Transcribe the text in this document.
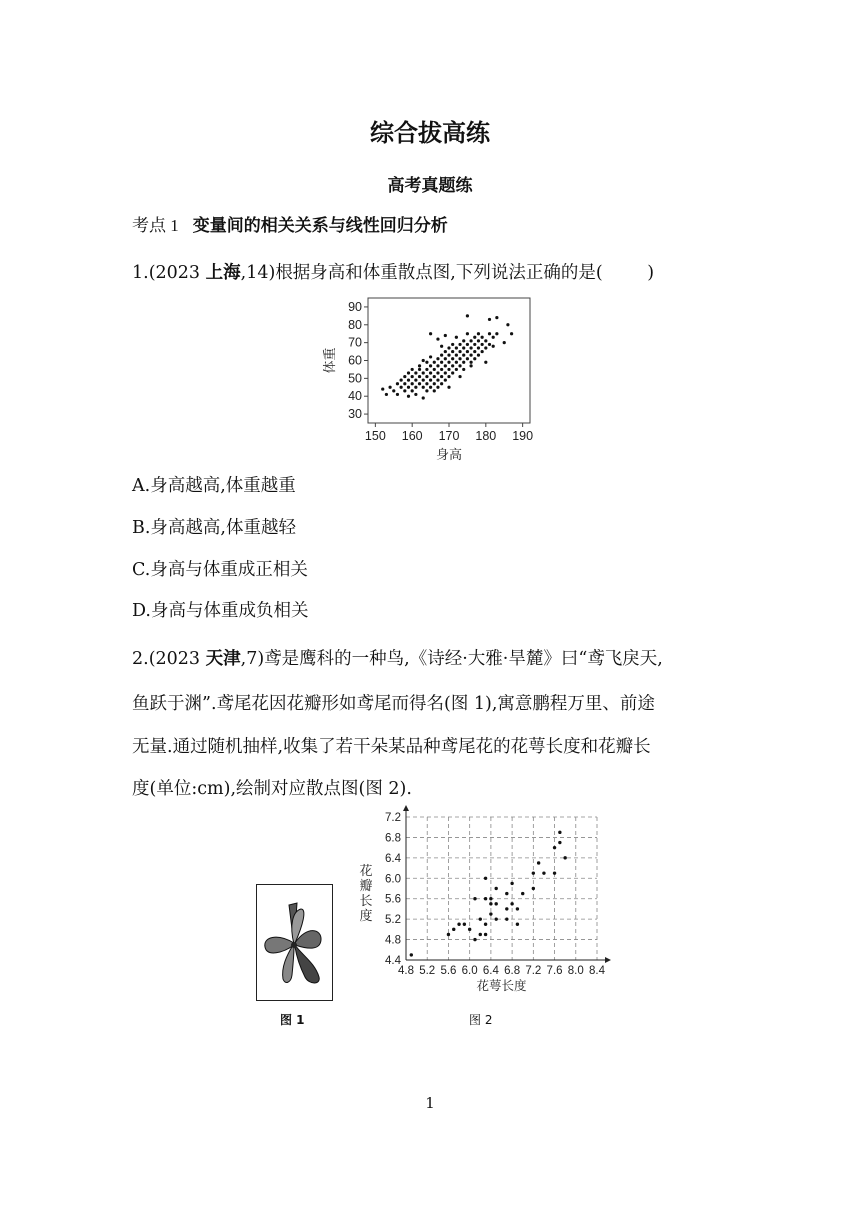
综合拔高练
高考真题练
考点 1 变量间的相关关系与线性回归分析
1.(2023 上海,14)根据身高和体重散点图,下列说法正确的是(        )
150 160 170 180 190
30
40
50
60
70
80
90
身高
体重
A.身高越高,体重越重
B.身高越高,体重越轻
C.身高与体重成正相关
D.身高与体重成负相关
2.(2023 天津,7)鸢是鹰科的一种鸟,《诗经·大雅·旱麓》曰“鸢飞戾天,
鱼跃于渊”.鸢尾花因花瓣形如鸢尾而得名(图 1),寓意鹏程万里、前途
无量.通过随机抽样,收集了若干朵某品种鸢尾花的花萼长度和花瓣长
度(单位:cm),绘制对应散点图(图 2).
图 1
4.8 5.2 5.6 6.0 6.4 6.8 7.2 7.6 8.0 8.4
4.4
4.8
5.2
5.6
6.0
6.4
6.8
7.2
花萼长度
花
瓣
长
度
图 2
1
